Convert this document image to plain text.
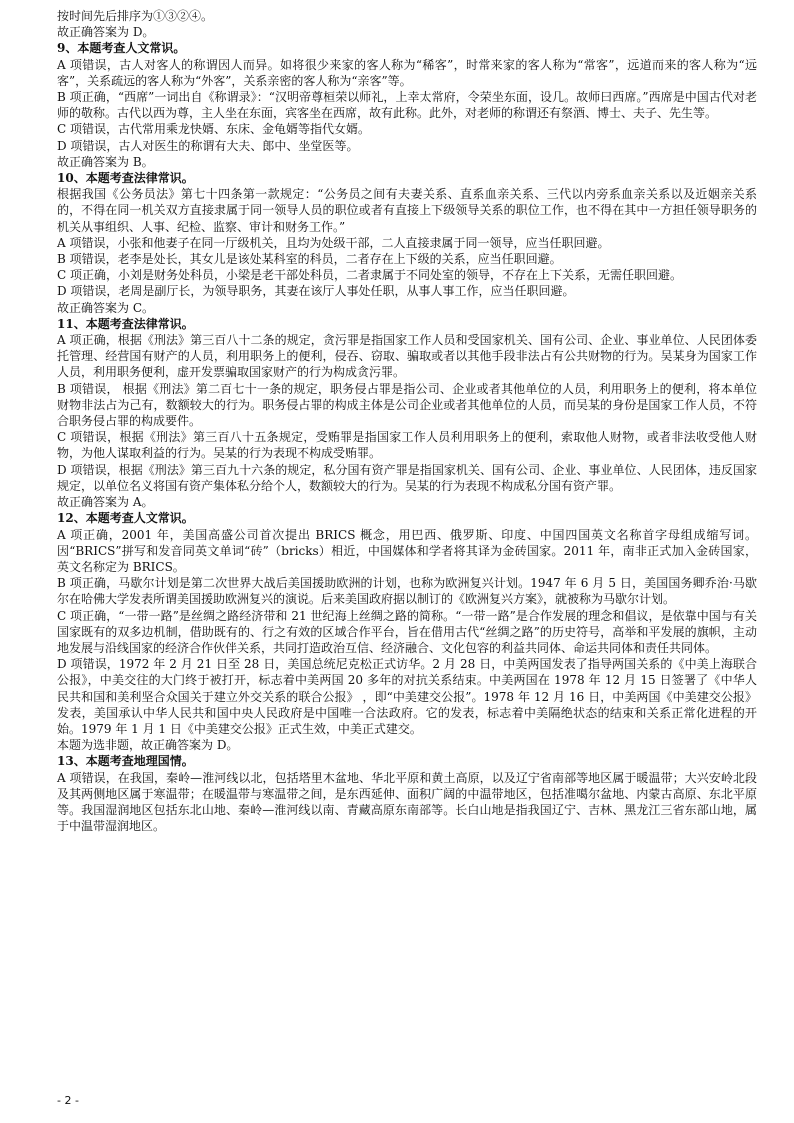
按时间先后排序为①③②④。

故正确答案为 D。

9、本题考查人文常识。

A 项错误，古人对客人的称谓因人而异。如将很少来家的客人称为“稀客”，时常来家的客人称为“常客”，远道而来的客人称为“远客”，关系疏远的客人称为“外客”，关系亲密的客人称为“亲客”等。

B 项正确，“西席”一词出自《称谓录》：“汉明帝尊桓荣以师礼，上幸太常府，令荣坐东面，设几。故师曰西席。”西席是中国古代对老师的敬称。古代以西为尊，主人坐在东面，宾客坐在西席，故有此称。此外，对老师的称谓还有祭酒、博士、夫子、先生等。

C 项错误，古代常用乘龙快婿、东床、金龟婿等指代女婿。

D 项错误，古人对医生的称谓有大夫、郎中、坐堂医等。

故正确答案为 B。

10、本题考查法律常识。

根据我国《公务员法》第七十四条第一款规定：“公务员之间有夫妻关系、直系血亲关系、三代以内旁系血亲关系以及近姻亲关系的，不得在同一机关双方直接隶属于同一领导人员的职位或者有直接上下级领导关系的职位工作，也不得在其中一方担任领导职务的机关从事组织、人事、纪检、监察、审计和财务工作。”

A 项错误，小张和他妻子在同一厅级机关，且均为处级干部，二人直接隶属于同一领导，应当任职回避。

B 项错误，老李是处长，其女儿是该处某科室的科员，二者存在上下级的关系，应当任职回避。

C 项正确，小刘是财务处科员，小梁是老干部处科员，二者隶属于不同处室的领导，不存在上下关系，无需任职回避。

D 项错误，老周是副厅长，为领导职务，其妻在该厅人事处任职，从事人事工作，应当任职回避。

故正确答案为 C。

11、本题考查法律常识。

A 项正确，根据《刑法》第三百八十二条的规定，贪污罪是指国家工作人员和受国家机关、国有公司、企业、事业单位、人民团体委托管理、经营国有财产的人员，利用职务上的便利，侵吞、窃取、骗取或者以其他手段非法占有公共财物的行为。吴某身为国家工作人员，利用职务便利，虚开发票骗取国家财产的行为构成贪污罪。

B 项错误， 根据《刑法》第二百七十一条的规定，职务侵占罪是指公司、企业或者其他单位的人员，利用职务上的便利，将本单位财物非法占为己有，数额较大的行为。职务侵占罪的构成主体是公司企业或者其他单位的人员，而吴某的身份是国家工作人员，不符合职务侵占罪的构成要件。

C 项错误，根据《刑法》第三百八十五条规定，受贿罪是指国家工作人员利用职务上的便利，索取他人财物，或者非法收受他人财物，为他人谋取利益的行为。吴某的行为表现不构成受贿罪。

D 项错误，根据《刑法》第三百九十六条的规定，私分国有资产罪是指国家机关、国有公司、企业、事业单位、人民团体，违反国家规定，以单位名义将国有资产集体私分给个人，数额较大的行为。吴某的行为表现不构成私分国有资产罪。

故正确答案为 A。

12、本题考查人文常识。

A 项正确，2001 年，美国高盛公司首次提出 BRICS 概念，用巴西、俄罗斯、印度、中国四国英文名称首字母组成缩写词。因“BRICS”拼写和发音同英文单词“砖”（bricks）相近，中国媒体和学者将其译为金砖国家。2011 年，南非正式加入金砖国家，英文名称定为 BRICS。

B 项正确，马歇尔计划是第二次世界大战后美国援助欧洲的计划，也称为欧洲复兴计划。1947 年 6 月 5 日，美国国务卿乔治·马歇尔在哈佛大学发表所谓美国援助欧洲复兴的演说。后来美国政府据以制订的《欧洲复兴方案》，就被称为马歇尔计划。

C 项正确，“一带一路”是丝绸之路经济带和 21 世纪海上丝绸之路的简称。“一带一路”是合作发展的理念和倡议，是依靠中国与有关国家既有的双多边机制，借助既有的、行之有效的区域合作平台，旨在借用古代“丝绸之路”的历史符号，高举和平发展的旗帜，主动地发展与沿线国家的经济合作伙伴关系，共同打造政治互信、经济融合、文化包容的利益共同体、命运共同体和责任共同体。

D 项错误，1972 年 2 月 21 日至 28 日，美国总统尼克松正式访华。2 月 28 日，中美两国发表了指导两国关系的《中美上海联合公报》，中美交往的大门终于被打开，标志着中美两国 20 多年的对抗关系结束。中美两国在 1978 年 12 月 15 日签署了《中华人民共和国和美利坚合众国关于建立外交关系的联合公报》 ，即“中美建交公报”。1978 年 12 月 16 日，中美两国《中美建交公报》发表，美国承认中华人民共和国中央人民政府是中国唯一合法政府。它的发表，标志着中美隔绝状态的结束和关系正常化进程的开始。1979 年 1 月 1 日《中美建交公报》正式生效，中美正式建交。

本题为选非题，故正确答案为 D。

13、本题考查地理国情。

A 项错误，在我国，秦岭—淮河线以北，包括塔里木盆地、华北平原和黄土高原，以及辽宁省南部等地区属于暖温带；大兴安岭北段及其两侧地区属于寒温带；在暖温带与寒温带之间，是东西延伸、面积广阔的中温带地区，包括准噶尔盆地、内蒙古高原、东北平原等。我国湿润地区包括东北山地、秦岭—淮河线以南、青藏高原东南部等。长白山地是指我国辽宁、吉林、黑龙江三省东部山地，属于中温带湿润地区。

- 2 -
